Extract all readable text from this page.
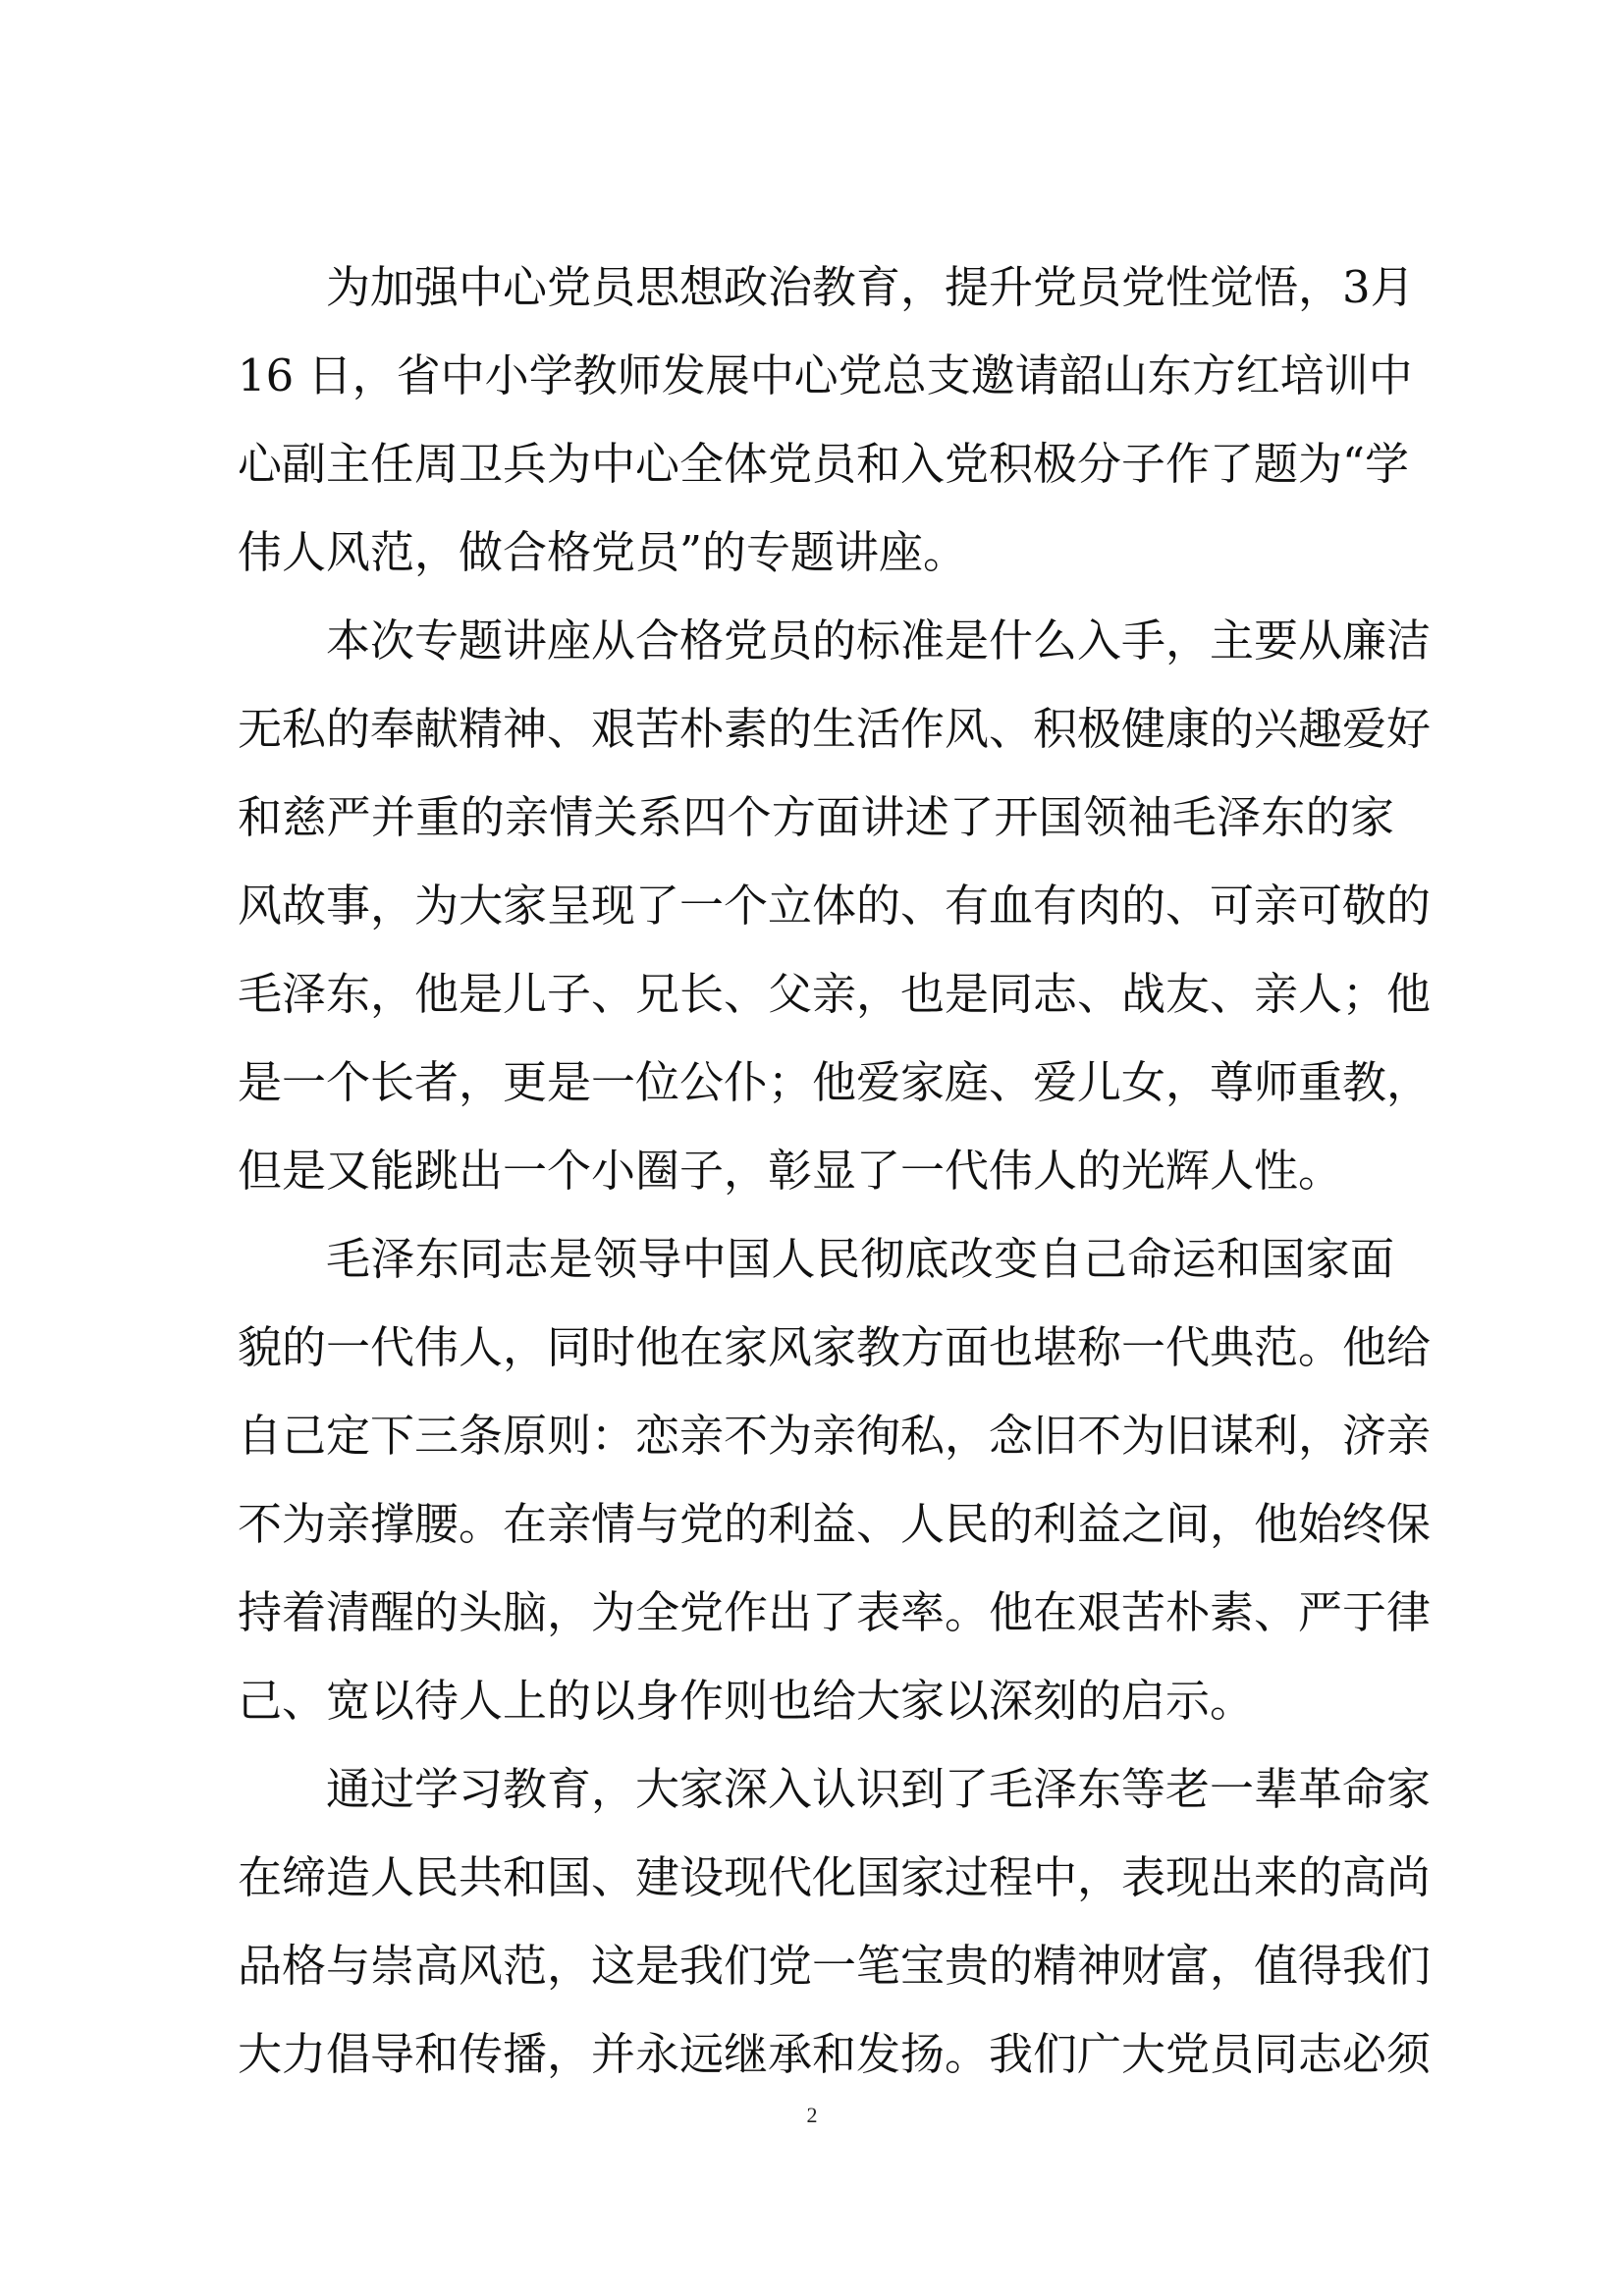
为加强中心党员思想政治教育，提升党员党性觉悟，3月
16 日，省中小学教师发展中心党总支邀请韶山东方红培训中
心副主任周卫兵为中心全体党员和入党积极分子作了题为“学
伟人风范，做合格党员”的专题讲座。
本次专题讲座从合格党员的标准是什么入手，主要从廉洁
无私的奉献精神、艰苦朴素的生活作风、积极健康的兴趣爱好
和慈严并重的亲情关系四个方面讲述了开国领袖毛泽东的家
风故事，为大家呈现了一个立体的、有血有肉的、可亲可敬的
毛泽东，他是儿子、兄长、父亲，也是同志、战友、亲人；他
是一个长者，更是一位公仆；他爱家庭、爱儿女，尊师重教，
但是又能跳出一个小圈子，彰显了一代伟人的光辉人性。
毛泽东同志是领导中国人民彻底改变自己命运和国家面
貌的一代伟人，同时他在家风家教方面也堪称一代典范。他给
自己定下三条原则：恋亲不为亲徇私，念旧不为旧谋利，济亲
不为亲撑腰。在亲情与党的利益、人民的利益之间，他始终保
持着清醒的头脑，为全党作出了表率。他在艰苦朴素、严于律
己、宽以待人上的以身作则也给大家以深刻的启示。
通过学习教育，大家深入认识到了毛泽东等老一辈革命家
在缔造人民共和国、建设现代化国家过程中，表现出来的高尚
品格与崇高风范，这是我们党一笔宝贵的精神财富，值得我们
大力倡导和传播，并永远继承和发扬。我们广大党员同志必须
2
